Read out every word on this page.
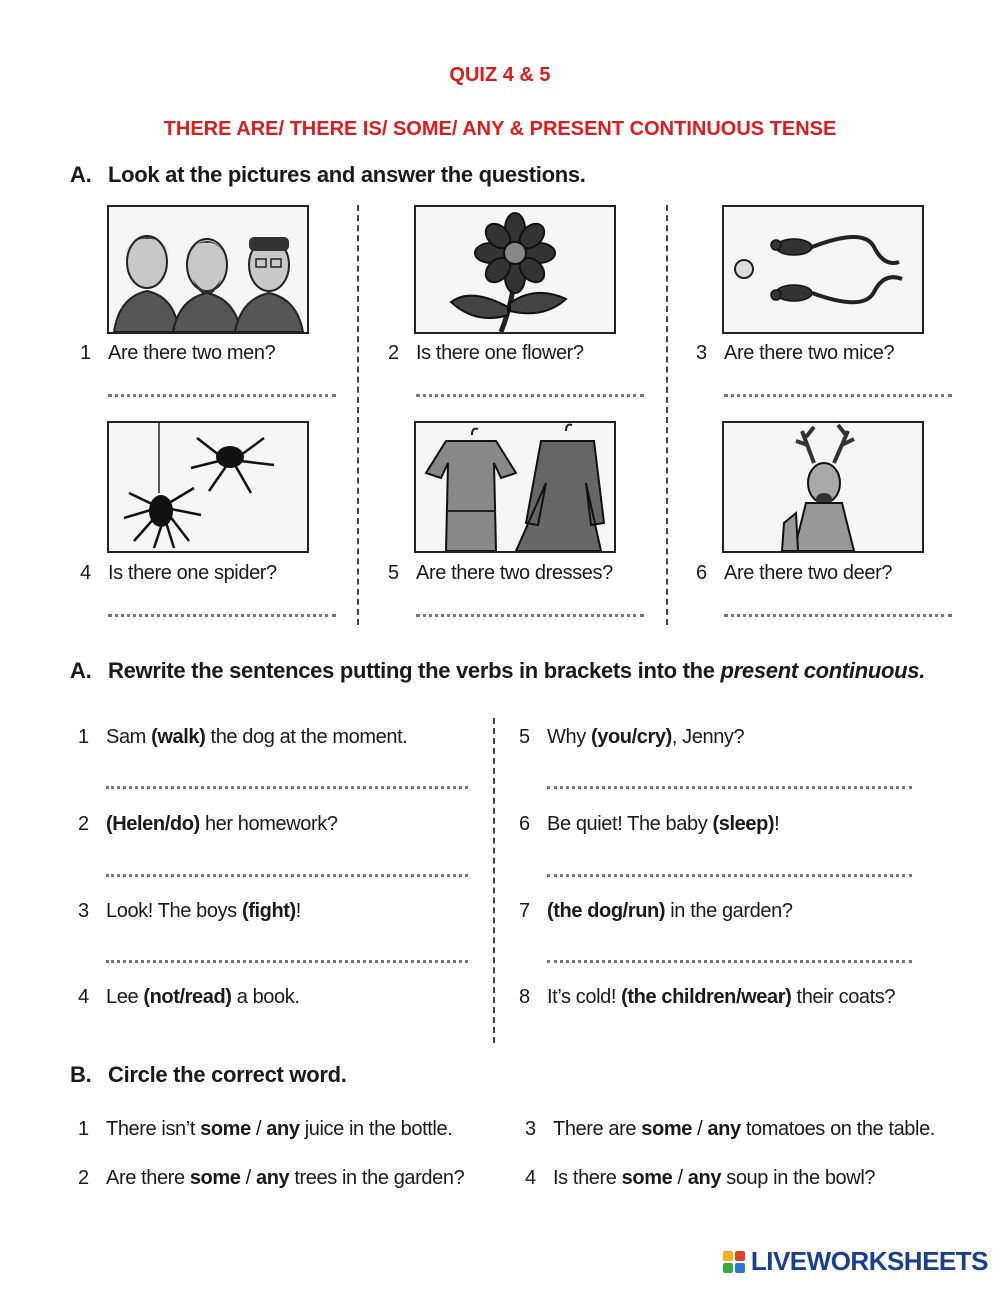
QUIZ 4 & 5
THERE ARE/ THERE IS/ SOME/ ANY & PRESENT CONTINUOUS TENSE
A. Look at the pictures and answer the questions.
1 Are there two men?	2 Is there one flower?	3 Are there two mice?
4 Is there one spider?	5 Are there two dresses?	6 Are there two deer?
A. Rewrite the sentences putting the verbs in brackets into the present continuous.
1 Sam (walk) the dog at the moment.
2 (Helen/do) her homework?
3 Look! The boys (fight)!
4 Lee (not/read) a book.
5 Why (you/cry), Jenny?
6 Be quiet! The baby (sleep)!
7 (the dog/run) in the garden?
8 It’s cold! (the children/wear) their coats?
B. Circle the correct word.
1 There isn’t some / any juice in the bottle.
2 Are there some / any trees in the garden?
3 There are some / any tomatoes on the table.
4 Is there some / any soup in the bowl?
LIVEWORKSHEETS
